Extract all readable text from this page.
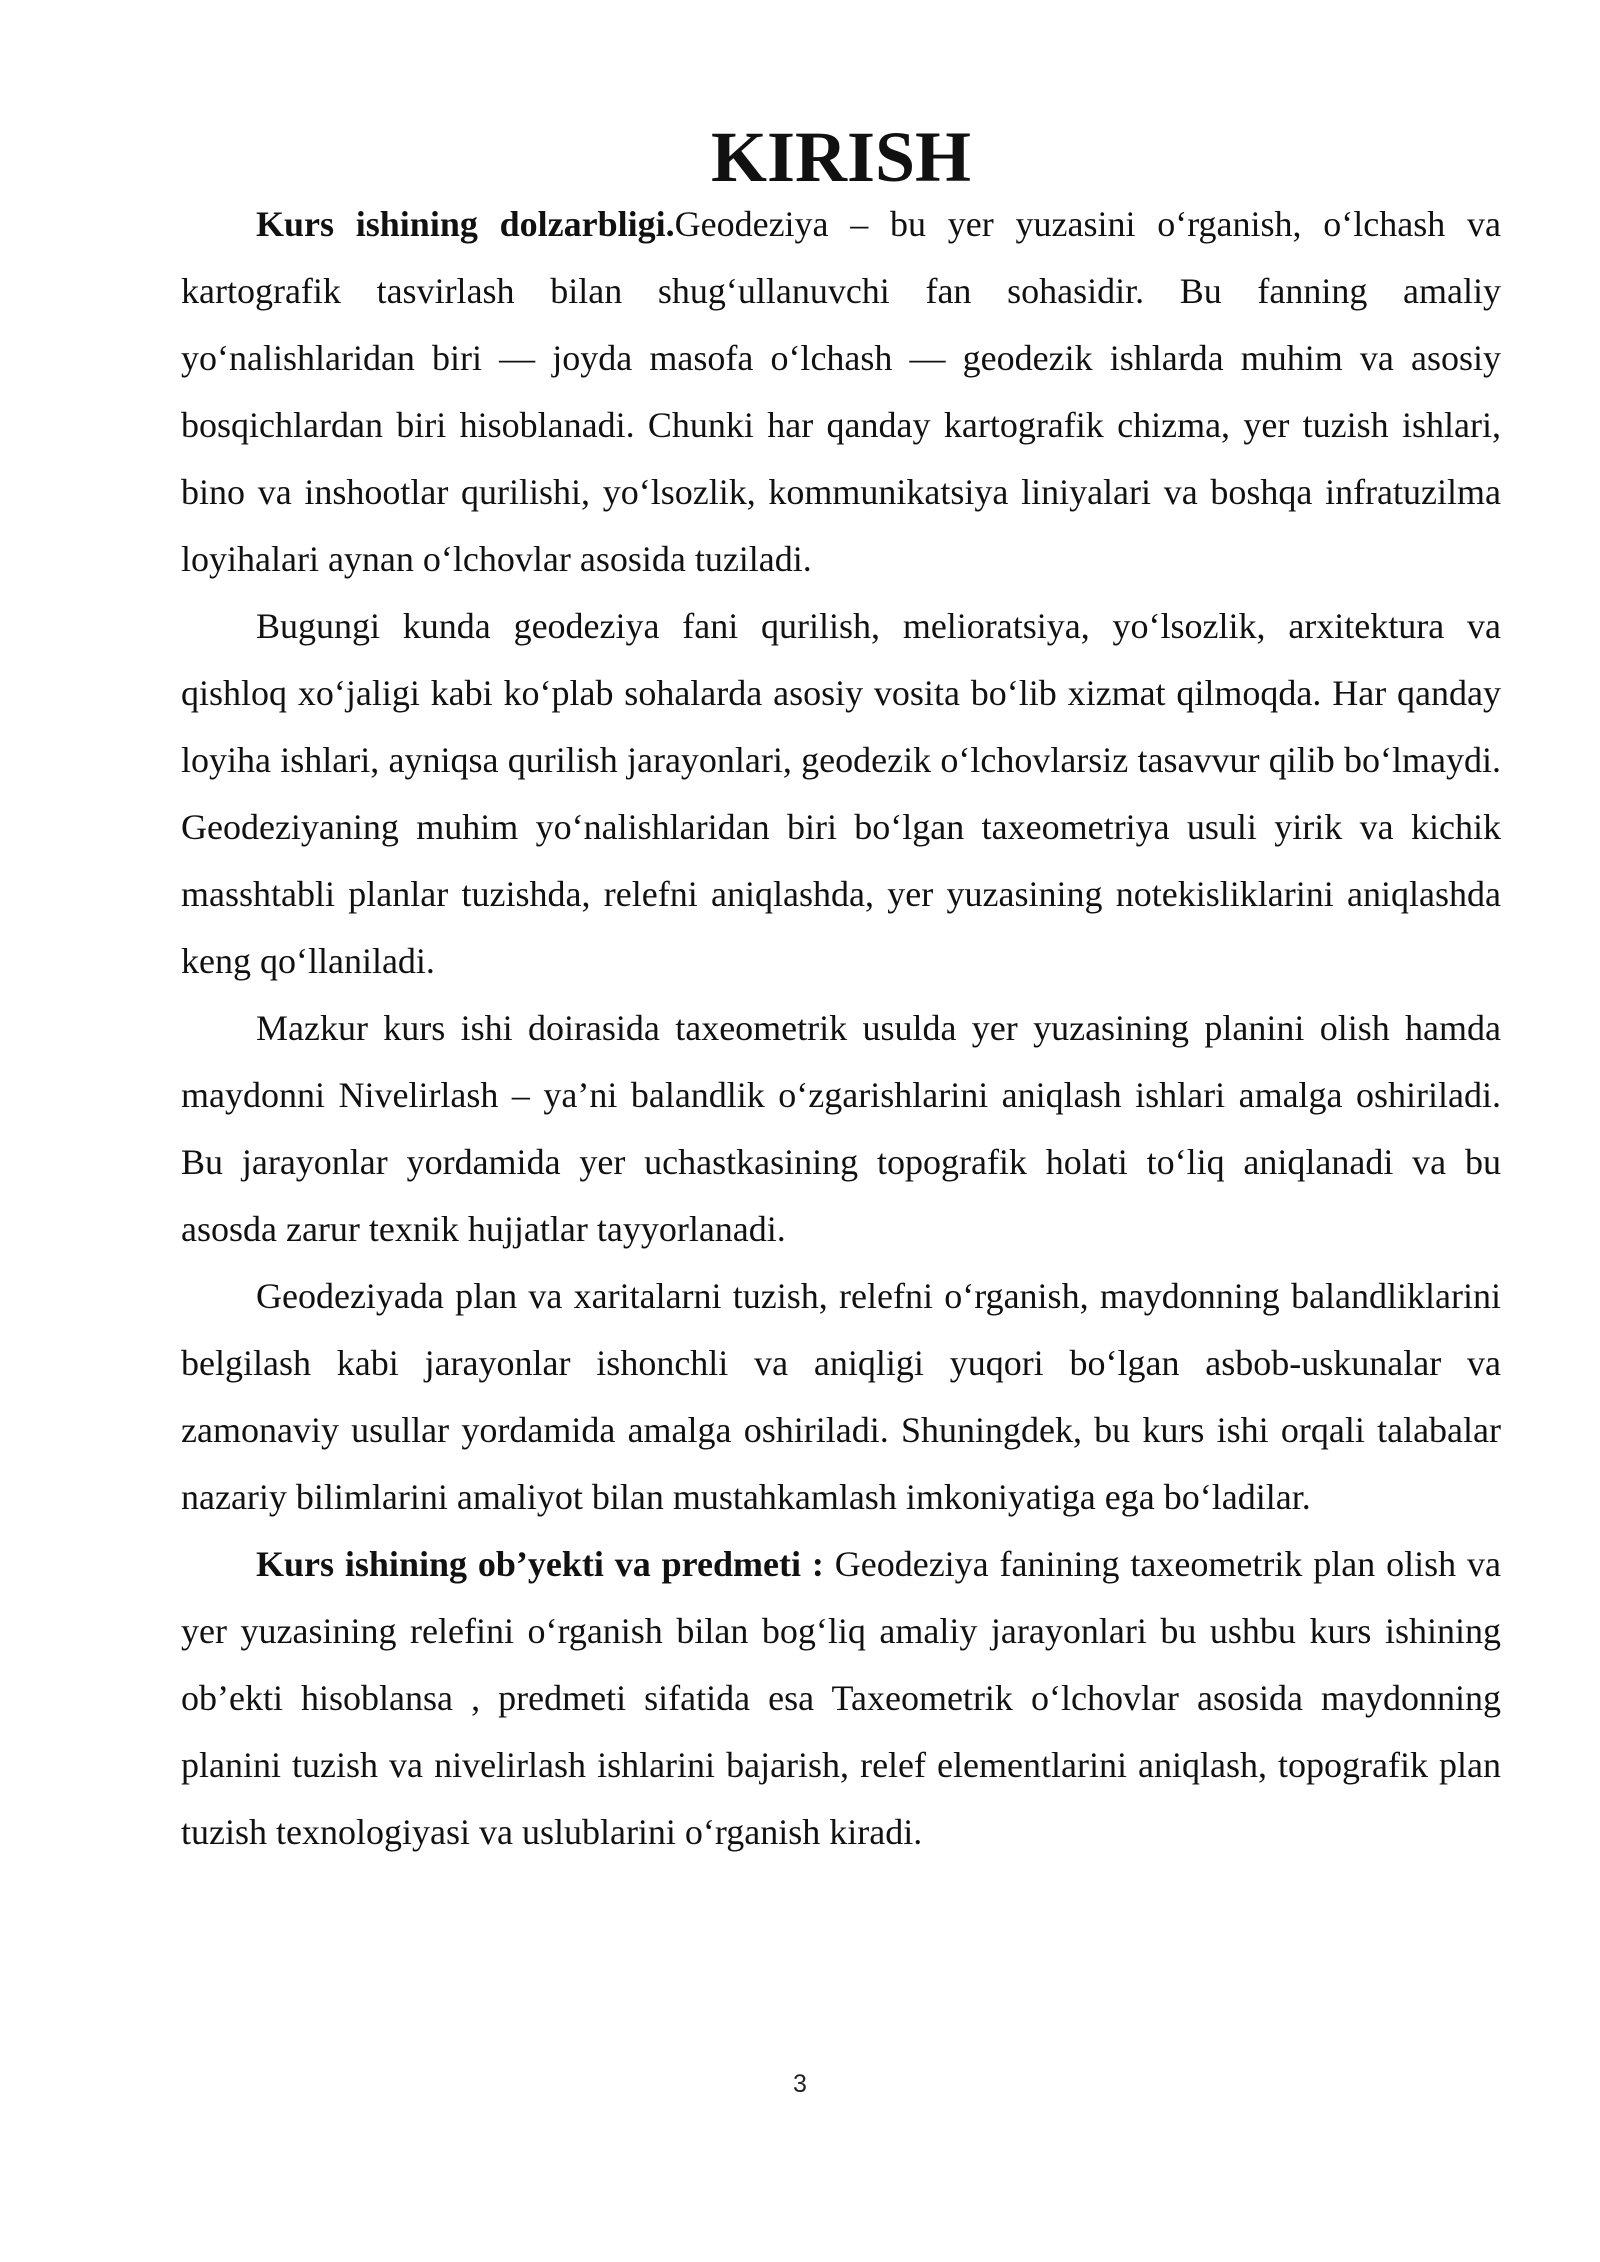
KIRISH

Kurs ishining dolzarbligi.Geodeziya – bu yer yuzasini o‘rganish, o‘lchash va kartografik tasvirlash bilan shug‘ullanuvchi fan sohasidir. Bu fanning amaliy yo‘nalishlaridan biri — joyda masofa o‘lchash — geodezik ishlarda muhim va asosiy bosqichlardan biri hisoblanadi. Chunki har qanday kartografik chizma, yer tuzish ishlari, bino va inshootlar qurilishi, yo‘lsozlik, kommunikatsiya liniyalari va boshqa infratuzilma loyihalari aynan o‘lchovlar asosida tuziladi.

Bugungi kunda geodeziya fani qurilish, melioratsiya, yo‘lsozlik, arxitektura va qishloq xo‘jaligi kabi ko‘plab sohalarda asosiy vosita bo‘lib xizmat qilmoqda. Har qanday loyiha ishlari, ayniqsa qurilish jarayonlari, geodezik o‘lchovlarsiz tasavvur qilib bo‘lmaydi. Geodeziyaning muhim yo‘nalishlaridan biri bo‘lgan taxeometriya usuli yirik va kichik masshtabli planlar tuzishda, relefni aniqlashda, yer yuzasining notekisliklarini aniqlashda keng qo‘llaniladi.

Mazkur kurs ishi doirasida taxeometrik usulda yer yuzasining planini olish hamda maydonni Nivelirlash – ya’ni balandlik o‘zgarishlarini aniqlash ishlari amalga oshiriladi. Bu jarayonlar yordamida yer uchastkasining topografik holati to‘liq aniqlanadi va bu asosda zarur texnik hujjatlar tayyorlanadi.

Geodeziyada plan va xaritalarni tuzish, relefni o‘rganish, maydonning balandliklarini belgilash kabi jarayonlar ishonchli va aniqligi yuqori bo‘lgan asbob-uskunalar va zamonaviy usullar yordamida amalga oshiriladi. Shuningdek, bu kurs ishi orqali talabalar nazariy bilimlarini amaliyot bilan mustahkamlash imkoniyatiga ega bo‘ladilar.

Kurs ishining ob’yekti va predmeti : Geodeziya fanining taxeometrik plan olish va yer yuzasining relefini o‘rganish bilan bog‘liq amaliy jarayonlari bu ushbu kurs ishining ob’ekti hisoblansa , predmeti sifatida esa Taxeometrik o‘lchovlar asosida maydonning planini tuzish va nivelirlash ishlarini bajarish, relef elementlarini aniqlash, topografik plan tuzish texnologiyasi va uslublarini o‘rganish kiradi.

3
